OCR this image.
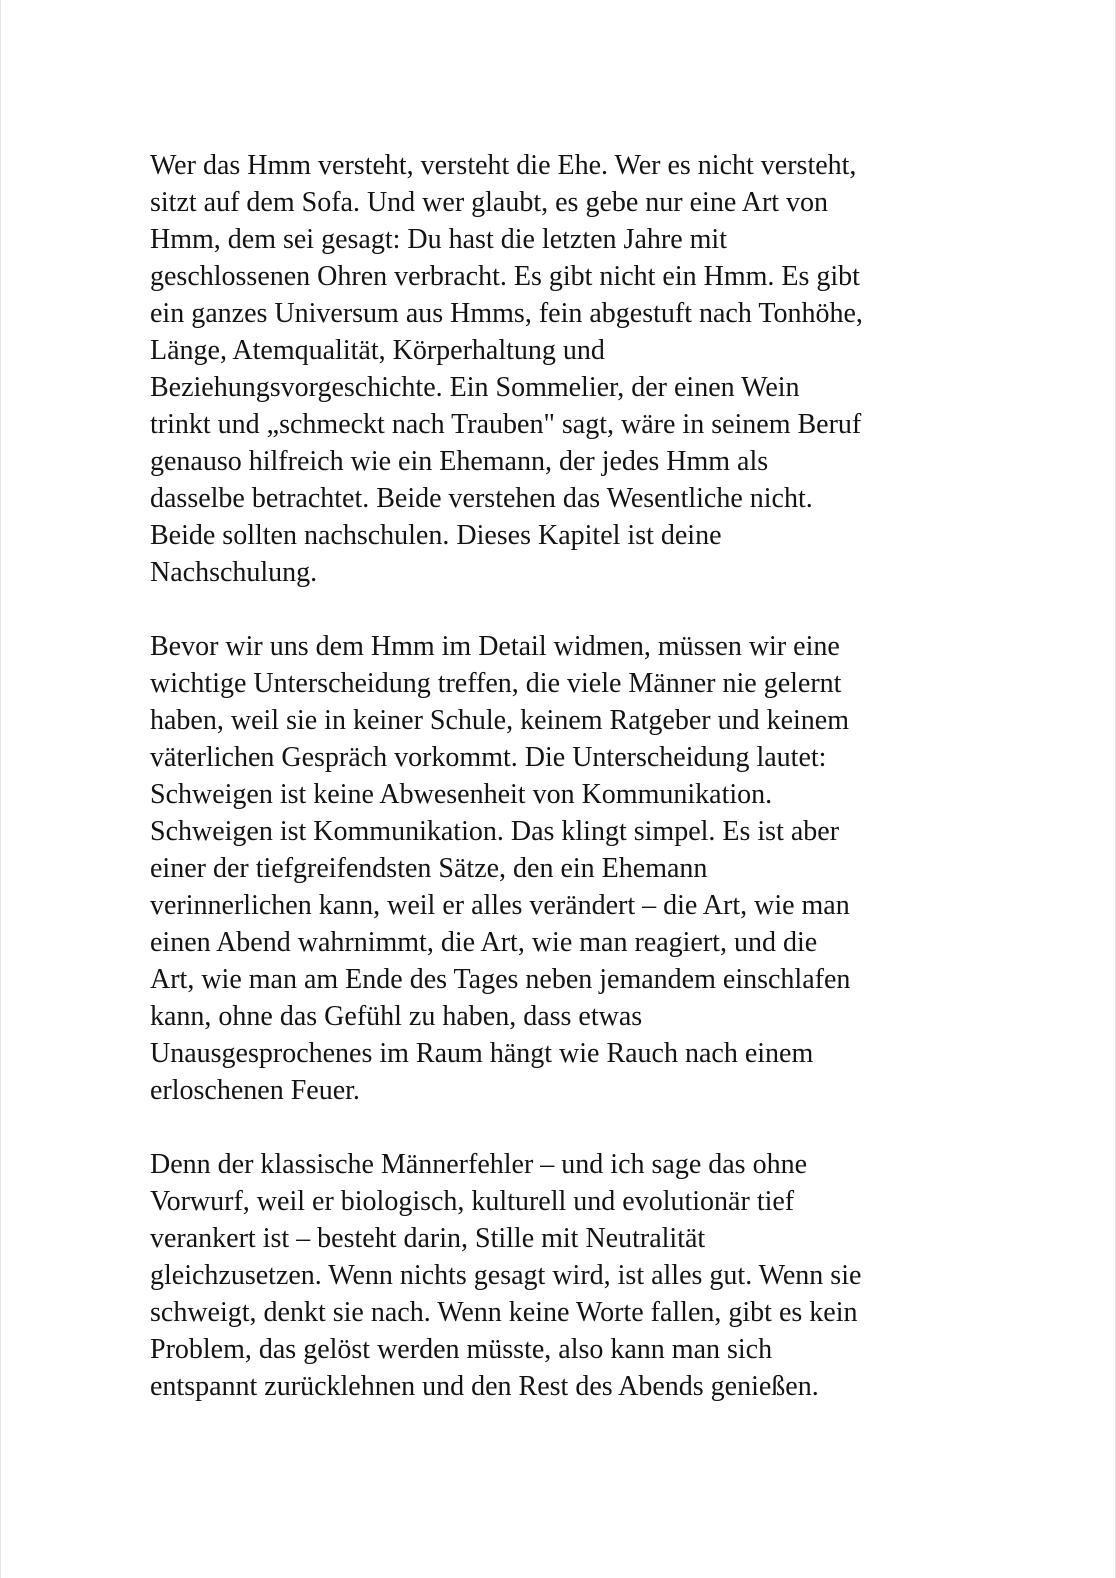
Wer das Hmm versteht, versteht die Ehe. Wer es nicht versteht,
sitzt auf dem Sofa. Und wer glaubt, es gebe nur eine Art von
Hmm, dem sei gesagt: Du hast die letzten Jahre mit
geschlossenen Ohren verbracht. Es gibt nicht ein Hmm. Es gibt
ein ganzes Universum aus Hmms, fein abgestuft nach Tonhöhe,
Länge, Atemqualität, Körperhaltung und
Beziehungsvorgeschichte. Ein Sommelier, der einen Wein
trinkt und „schmeckt nach Trauben" sagt, wäre in seinem Beruf
genauso hilfreich wie ein Ehemann, der jedes Hmm als
dasselbe betrachtet. Beide verstehen das Wesentliche nicht.
Beide sollten nachschulen. Dieses Kapitel ist deine
Nachschulung.

Bevor wir uns dem Hmm im Detail widmen, müssen wir eine
wichtige Unterscheidung treffen, die viele Männer nie gelernt
haben, weil sie in keiner Schule, keinem Ratgeber und keinem
väterlichen Gespräch vorkommt. Die Unterscheidung lautet:
Schweigen ist keine Abwesenheit von Kommunikation.
Schweigen ist Kommunikation. Das klingt simpel. Es ist aber
einer der tiefgreifendsten Sätze, den ein Ehemann
verinnerlichen kann, weil er alles verändert – die Art, wie man
einen Abend wahrnimmt, die Art, wie man reagiert, und die
Art, wie man am Ende des Tages neben jemandem einschlafen
kann, ohne das Gefühl zu haben, dass etwas
Unausgesprochenes im Raum hängt wie Rauch nach einem
erloschenen Feuer.

Denn der klassische Männerfehler – und ich sage das ohne
Vorwurf, weil er biologisch, kulturell und evolutionär tief
verankert ist – besteht darin, Stille mit Neutralität
gleichzusetzen. Wenn nichts gesagt wird, ist alles gut. Wenn sie
schweigt, denkt sie nach. Wenn keine Worte fallen, gibt es kein
Problem, das gelöst werden müsste, also kann man sich
entspannt zurücklehnen und den Rest des Abends genießen.
